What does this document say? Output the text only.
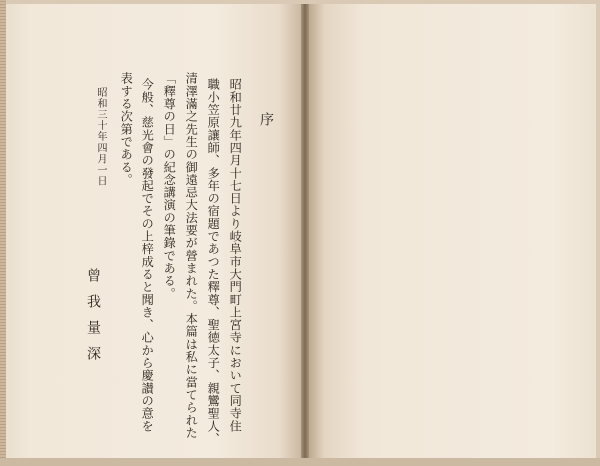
序
昭和廿九年四月十七日より岐阜市大門町上宮寺において同寺住
職小笠原讓師、多年の宿題であつた釋尊、聖徳太子、親鸞聖人、
清澤滿之先生の御遠忌大法要が營まれた。本篇は私に當てられた
「釋尊の日」の紀念講演の筆錄である。
今般、慈光會の發起でその上梓成ると聞き、心から慶讃の意を
表する次第である。
昭和三十年四月一日
曾我量深
